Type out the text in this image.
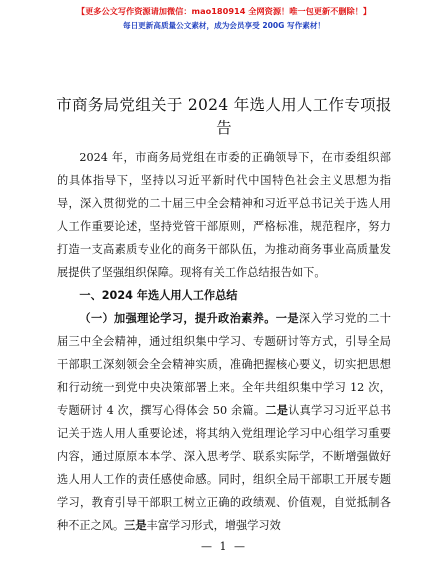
【更多公文写作资源请加微信：mao180914 全网资源！唯一包更新不删除！】
每日更新高质量公文素材，成为会员享受 200G 写作素材！
市商务局党组关于 2024 年选人用人工作专项报告

2024 年，市商务局党组在市委的正确领导下，在市委组织部的具体指导下，坚持以习近平新时代中国特色社会主义思想为指导，深入贯彻党的二十届三中全会精神和习近平总书记关于选人用人工作重要论述，坚持党管干部原则，严格标准，规范程序，努力打造一支高素质专业化的商务干部队伍，为推动商务事业高质量发展提供了坚强组织保障。现将有关工作总结报告如下。

一、2024 年选人用人工作总结

（一）加强理论学习，提升政治素养。一是深入学习党的二十届三中全会精神，通过组织集中学习、专题研讨等方式，引导全局干部职工深刻领会全会精神实质，准确把握核心要义，切实把思想和行动统一到党中央决策部署上来。全年共组织集中学习 12 次，专题研讨 4 次，撰写心得体会 50 余篇。二是认真学习习近平总书记关于选人用人重要论述，将其纳入党组理论学习中心组学习重要内容，通过原原本本学、深入思考学、联系实际学，不断增强做好选人用人工作的责任感使命感。同时，组织全局干部职工开展专题学习，教育引导干部职工树立正确的政绩观、价值观，自觉抵制各种不正之风。三是丰富学习形式，增强学习效

— 1 —
